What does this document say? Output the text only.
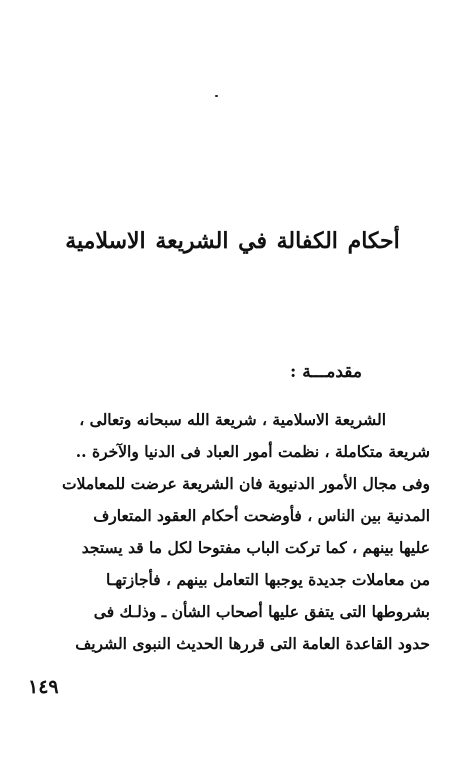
أحكام الكفالة في الشريعة الاسلامية
مقدمـــة :
الشريعة الاسلامية ، شريعة الله سبحانه وتعالى ،
شريعة متكاملة ، نظمت أمور العباد فى الدنيا والآخرة ..
وفى مجال الأمور الدنيوية فان الشريعة عرضت للمعاملات
المدنية بين الناس ، فأوضحت أحكام العقود المتعارف
عليها بينهم ، كما تركت الباب مفتوحا لكل ما قد يستجد
من معاملات جديدة يوجبها التعامل بينهم ، فأجازتهـا
بشروطها التى يتفق عليها أصحاب الشأن ـ وذلـك فى
حدود القاعدة العامة التى قررها الحديث النبوى الشريف
١٤٩
